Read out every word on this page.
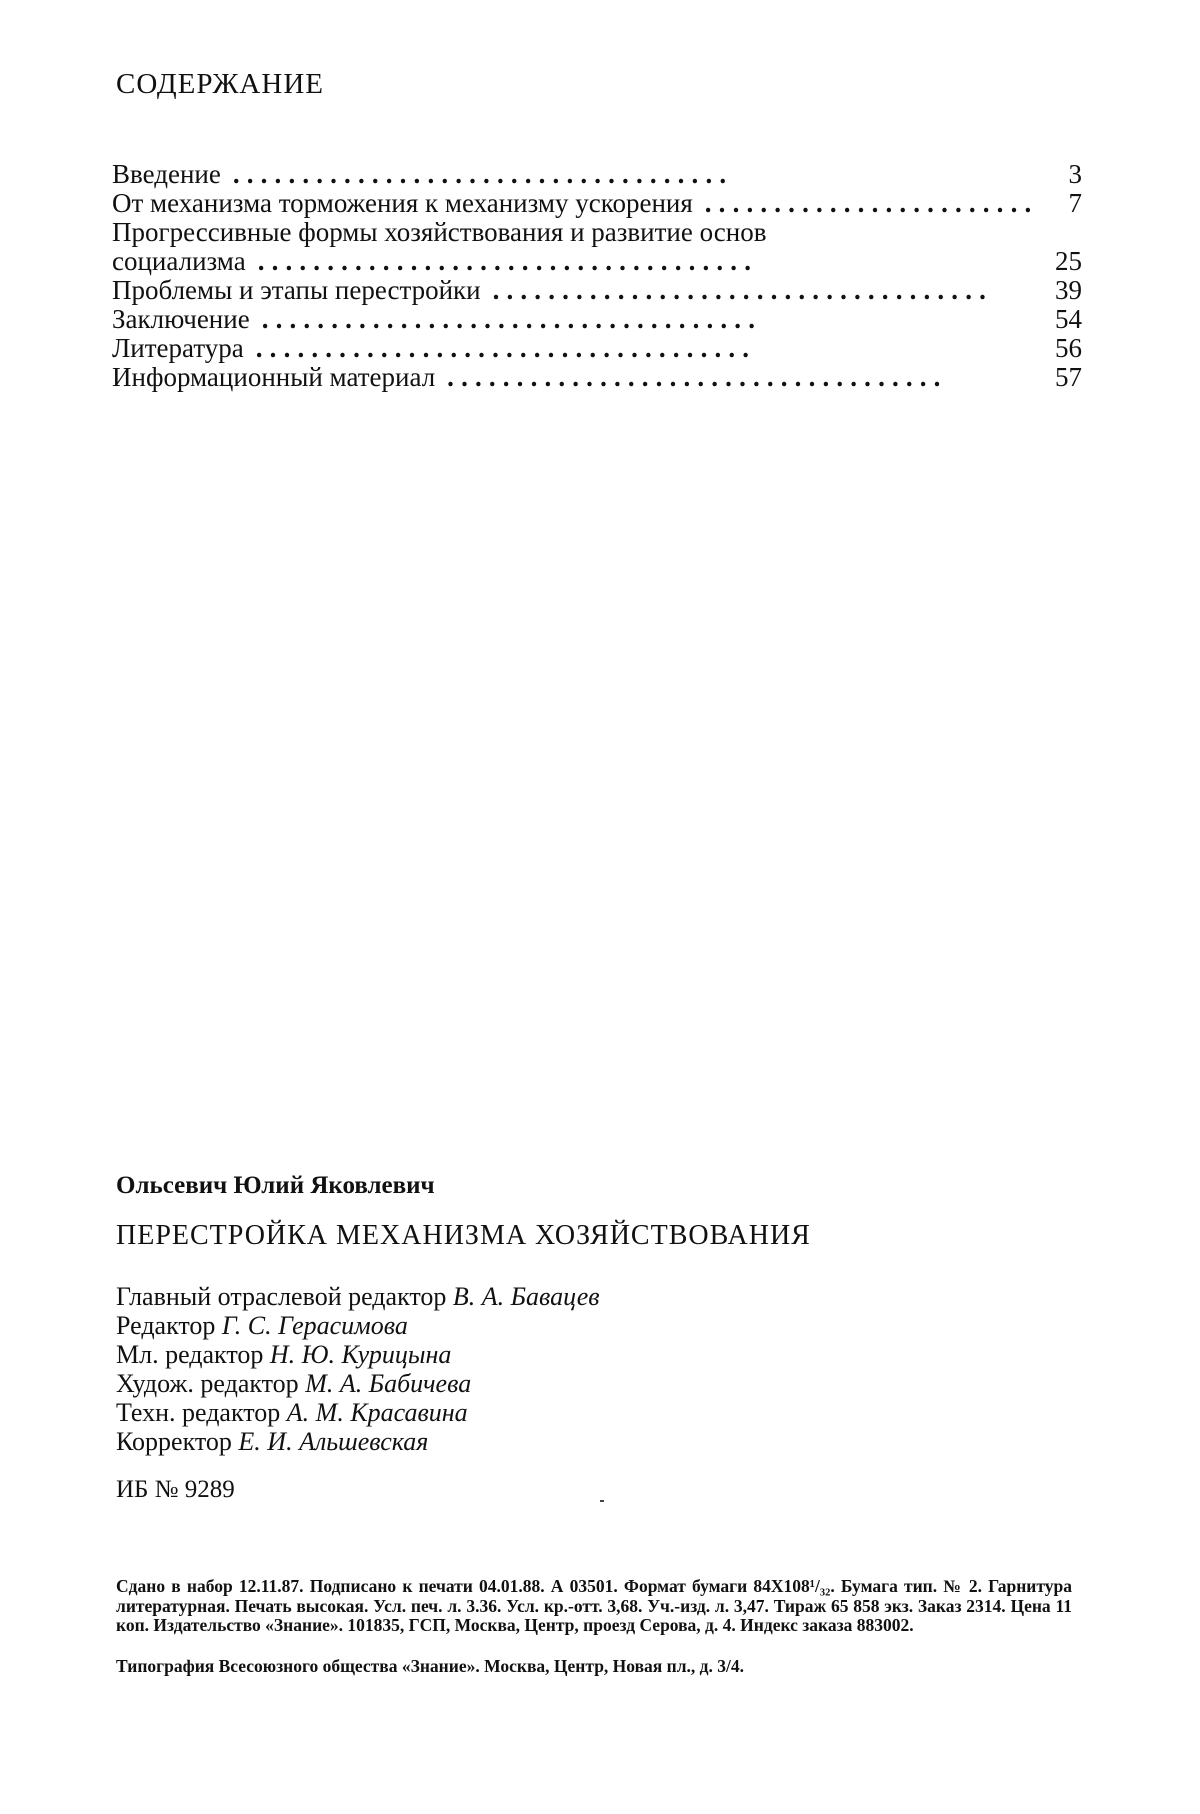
СОДЕРЖАНИЕ
Введение . .	3
От механизма торможения к механизму ускорения . .	7
Прогрессивные формы хозяйствования и развитие основ
социализма . .	25
Проблемы и этапы перестройки . .	39
Заключение . .	54
Литература . .	56
Информационный материал . .	57

Ольсевич Юлий Яковлевич

ПЕРЕСТРОЙКА МЕХАНИЗМА ХОЗЯЙСТВОВАНИЯ
Главный отраслевой редактор В. А. Бавацев
Редактор Г. С. Герасимова
Мл. редактор Н. Ю. Курицына
Худож. редактор М. А. Бабичева
Техн. редактор А. М. Красавина
Корректор Е. И. Альшевская

ИБ № 9289

Сдано в набор 12.11.87. Подписано к печати 04.01.88. А 03501. Формат бумаги 84Х108¹/₃₂. Бумага тип. № 2. Гарнитура литературная. Печать высокая. Усл. печ. л. 3.36. Усл. кр.-отт. 3,68. Уч.-изд. л. 3,47. Тираж 65 858 экз. Заказ 2314. Цена 11 коп. Издательство «Знание». 101835, ГСП, Москва, Центр, проезд Серова, д. 4. Индекс заказа 883002.

Типография Всесоюзного общества «Знание». Москва, Центр, Новая пл., д. 3/4.
